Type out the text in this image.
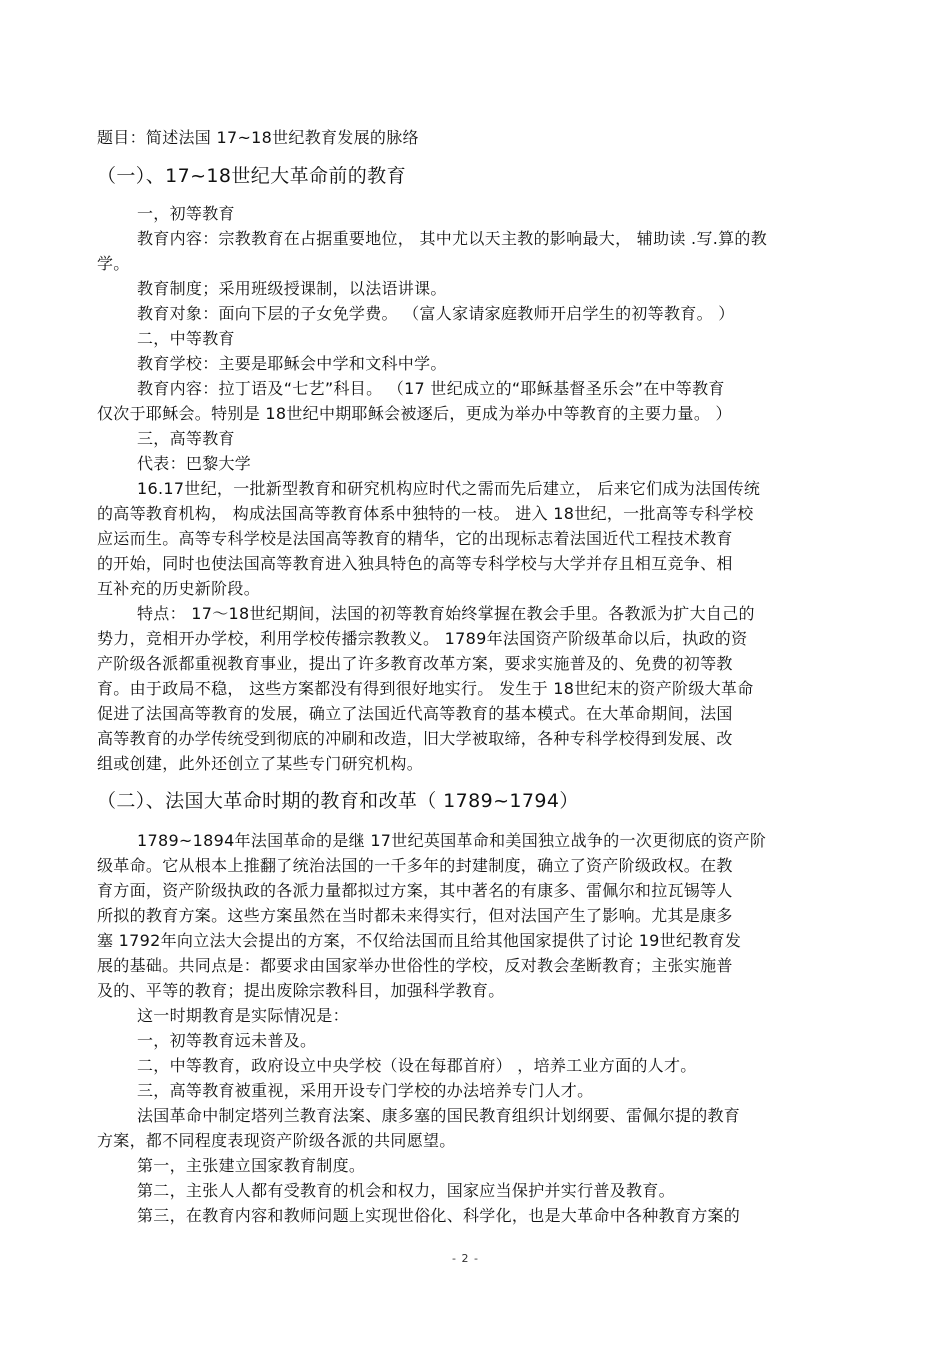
题目：简述法国 17~18世纪教育发展的脉络
（一）、17~18世纪大革命前的教育
一，初等教育
教育内容：宗教教育在占据重要地位， 其中尤以天主教的影响最大， 辅助读 .写.算的教
学。
教育制度；采用班级授课制，以法语讲课。
教育对象：面向下层的子女免学费。 （富人家请家庭教师开启学生的初等教育。 ）
二，中等教育
教育学校：主要是耶稣会中学和文科中学。
教育内容：拉丁语及“七艺”科目。 （17 世纪成立的“耶稣基督圣乐会”在中等教育
仅次于耶稣会。特别是 18世纪中期耶稣会被逐后，更成为举办中等教育的主要力量。 ）
三，高等教育
代表：巴黎大学
16.17世纪，一批新型教育和研究机构应时代之需而先后建立， 后来它们成为法国传统
的高等教育机构， 构成法国高等教育体系中独特的一枝。 进入 18世纪，一批高等专科学校
应运而生。高等专科学校是法国高等教育的精华，它的出现标志着法国近代工程技术教育
的开始，同时也使法国高等教育进入独具特色的高等专科学校与大学并存且相互竞争、相
互补充的历史新阶段。
特点： 17～18世纪期间，法国的初等教育始终掌握在教会手里。各教派为扩大自己的
势力，竞相开办学校，利用学校传播宗教教义。 1789年法国资产阶级革命以后，执政的资
产阶级各派都重视教育事业，提出了许多教育改革方案，要求实施普及的、免费的初等教
育。由于政局不稳， 这些方案都没有得到很好地实行。 发生于 18世纪末的资产阶级大革命
促进了法国高等教育的发展，确立了法国近代高等教育的基本模式。在大革命期间，法国
高等教育的办学传统受到彻底的冲刷和改造，旧大学被取缔，各种专科学校得到发展、改
组或创建，此外还创立了某些专门研究机构。
（二）、法国大革命时期的教育和改革（ 1789~1794）
1789~1894年法国革命的是继 17世纪英国革命和美国独立战争的一次更彻底的资产阶
级革命。它从根本上推翻了统治法国的一千多年的封建制度，确立了资产阶级政权。在教
育方面，资产阶级执政的各派力量都拟过方案，其中著名的有康多、雷佩尔和拉瓦锡等人
所拟的教育方案。这些方案虽然在当时都未来得实行，但对法国产生了影响。尤其是康多
塞 1792年向立法大会提出的方案，不仅给法国而且给其他国家提供了讨论 19世纪教育发
展的基础。共同点是：都要求由国家举办世俗性的学校，反对教会垄断教育；主张实施普
及的、平等的教育；提出废除宗教科目，加强科学教育。
这一时期教育是实际情况是：
一，初等教育远未普及。
二，中等教育，政府设立中央学校（设在每郡首府） ，培养工业方面的人才。
三，高等教育被重视，采用开设专门学校的办法培养专门人才。
法国革命中制定塔列兰教育法案、康多塞的国民教育组织计划纲要、雷佩尔提的教育
方案，都不同程度表现资产阶级各派的共同愿望。
第一，主张建立国家教育制度。
第二，主张人人都有受教育的机会和权力，国家应当保护并实行普及教育。
第三，在教育内容和教师问题上实现世俗化、科学化，也是大革命中各种教育方案的
- 2 -
